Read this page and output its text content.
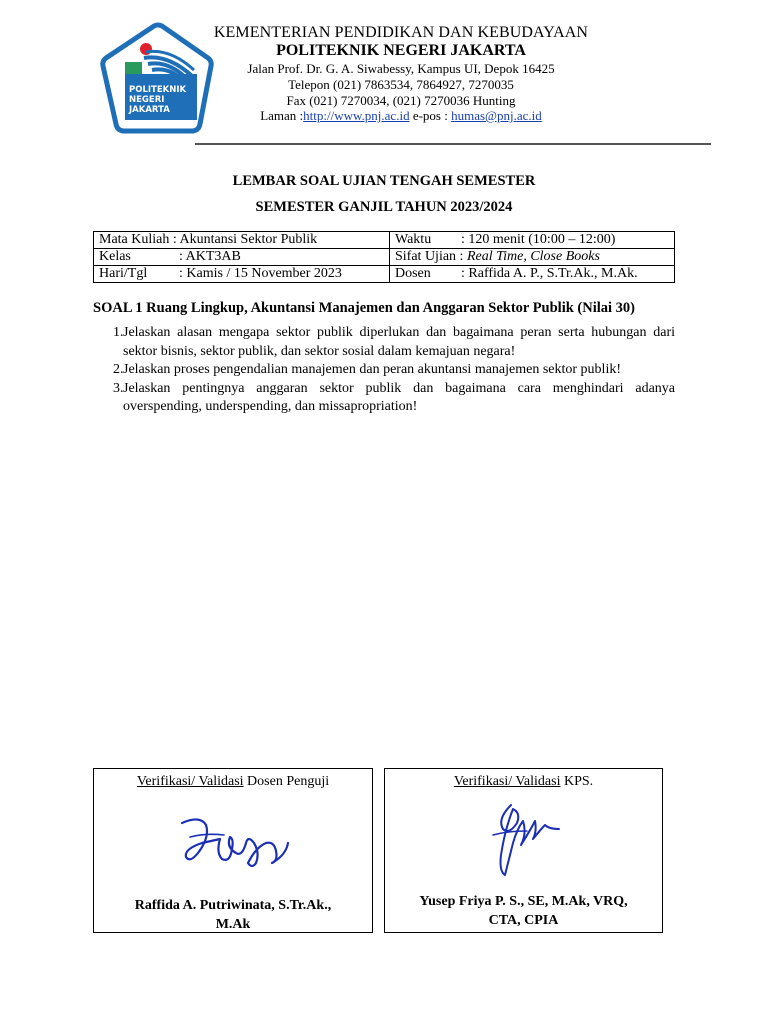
POLITEKNIK
NEGERI
JAKARTA
KEMENTERIAN PENDIDIKAN DAN KEBUDAYAAN
POLITEKNIK NEGERI JAKARTA
Jalan Prof. Dr. G. A. Siwabessy, Kampus UI, Depok 16425
Telepon (021) 7863534, 7864927, 7270035
Fax (021) 7270034, (021) 7270036 Hunting
Laman :http://www.pnj.ac.id e-pos : humas@pnj.ac.id
LEMBAR SOAL UJIAN TENGAH SEMESTER
SEMESTER GANJIL TAHUN 2023/2024
Mata Kuliah : Akuntansi Sektor Publik	Waktu : 120 menit (10:00 – 12:00)
Kelas : AKT3AB	Sifat Ujian : Real Time, Close Books
Hari/Tgl : Kamis / 15 November 2023	Dosen : Raffida A. P., S.Tr.Ak., M.Ak.
SOAL 1 Ruang Lingkup, Akuntansi Manajemen dan Anggaran Sektor Publik (Nilai 30)
1. Jelaskan alasan mengapa sektor publik diperlukan dan bagaimana peran serta hubungan dari sektor bisnis, sektor publik, dan sektor sosial dalam kemajuan negara!
2. Jelaskan proses pengendalian manajemen dan peran akuntansi manajemen sektor publik!
3. Jelaskan pentingnya anggaran sektor publik dan bagaimana cara menghindari adanya overspending, underspending, dan missapropriation!
Verifikasi/ Validasi Dosen Penguji
Raffida A. Putriwinata, S.Tr.Ak.,
M.Ak
Verifikasi/ Validasi KPS.
Yusep Friya P. S., SE, M.Ak, VRQ,
CTA, CPIA
